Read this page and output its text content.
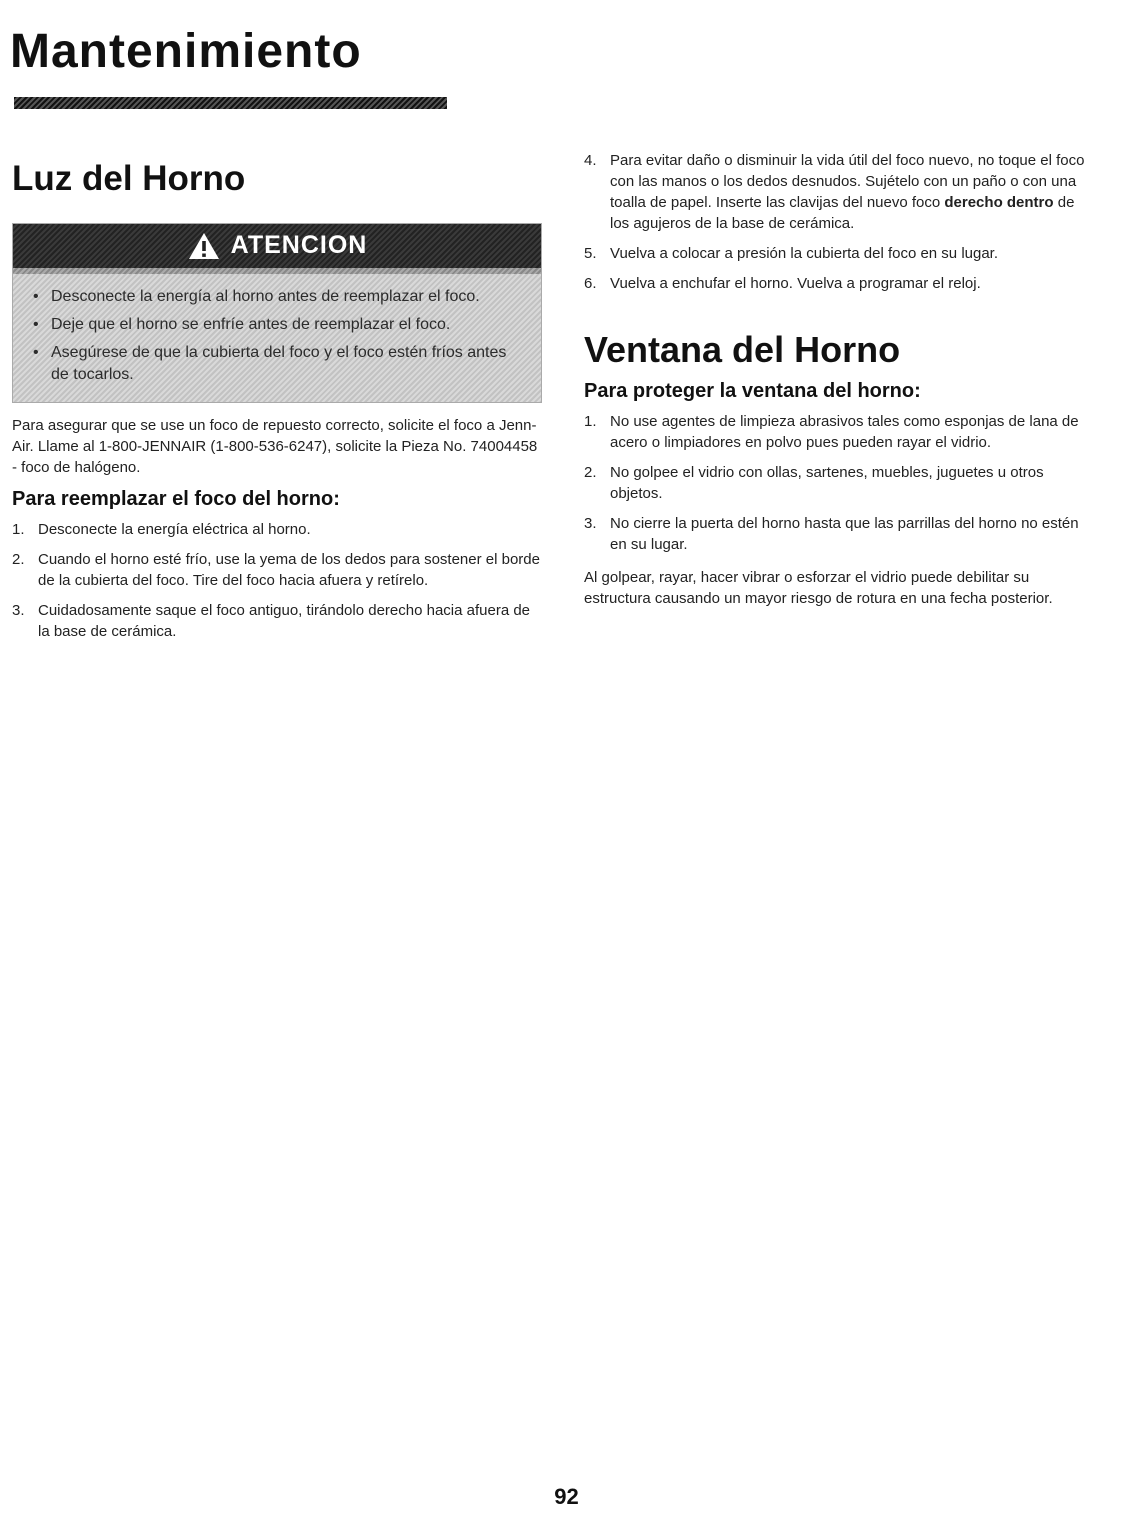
Mantenimiento
Luz del Horno
ATENCION
• Desconecte la energía al horno antes de reemplazar el foco.
• Deje que el horno se enfríe antes de reemplazar el foco.
• Asegúrese de que la cubierta del foco y el foco estén fríos antes de tocarlos.

Para asegurar que se use un foco de repuesto correcto, solicite el foco a Jenn-Air. Llame al 1-800-JENNAIR (1-800-536-6247), solicite la Pieza No. 74004458 - foco de halógeno.

Para reemplazar el foco del horno:
1. Desconecte la energía eléctrica al horno.
2. Cuando el horno esté frío, use la yema de los dedos para sostener el borde de la cubierta del foco. Tire del foco hacia afuera y retírelo.
3. Cuidadosamente saque el foco antiguo, tirándolo derecho hacia afuera de la base de cerámica.
4. Para evitar daño o disminuir la vida útil del foco nuevo, no toque el foco con las manos o los dedos desnudos. Sujételo con un paño o con una toalla de papel. Inserte las clavijas del nuevo foco derecho dentro de los agujeros de la base de cerámica.
5. Vuelva a colocar a presión la cubierta del foco en su lugar.
6. Vuelva a enchufar el horno. Vuelva a programar el reloj.
Ventana del Horno
Para proteger la ventana del horno:
1. No use agentes de limpieza abrasivos tales como esponjas de lana de acero o limpiadores en polvo pues pueden rayar el vidrio.
2. No golpee el vidrio con ollas, sartenes, muebles, juguetes u otros objetos.
3. No cierre la puerta del horno hasta que las parrillas del horno no estén en su lugar.

Al golpear, rayar, hacer vibrar o esforzar el vidrio puede debilitar su estructura causando un mayor riesgo de rotura en una fecha posterior.

92
